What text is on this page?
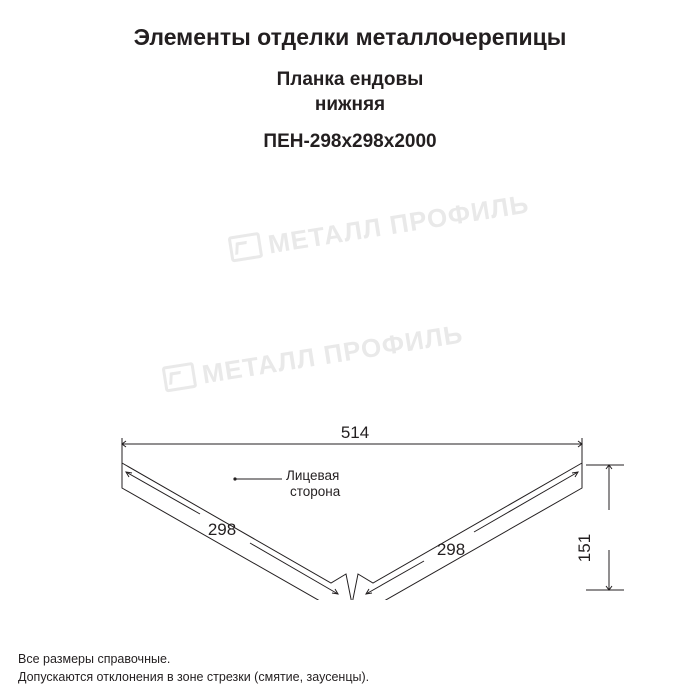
Элементы отделки металлочерепицы

Планка ендовы

нижняя

ПЕН-298x298x2000

МЕТАЛЛ ПРОФИЛЬ
МЕТАЛЛ ПРОФИЛЬ
514
151
298
298
Лицевая
сторона
Все размеры справочные.
Допускаются отклонения в зоне стрезки (смятие, заусенцы).
